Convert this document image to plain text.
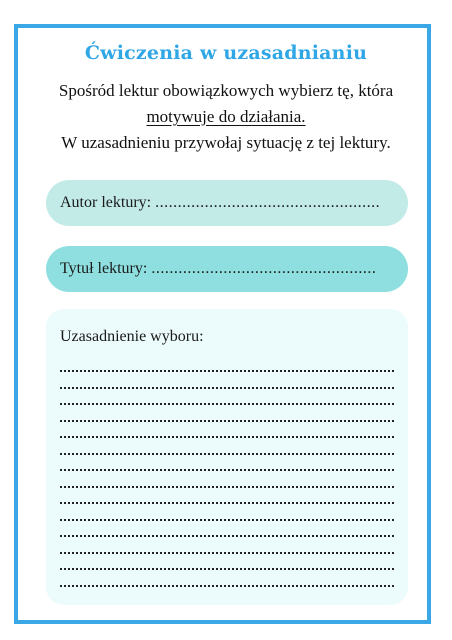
Ćwiczenia w uzasadnianiu
Spośród lektur obowiązkowych wybierz tę, która
motywuje do działania.
W uzasadnieniu przywołaj sytuację z tej lektury.
Autor lektury: ..................................................
Tytuł lektury: ..................................................
Uzasadnienie wyboru:
